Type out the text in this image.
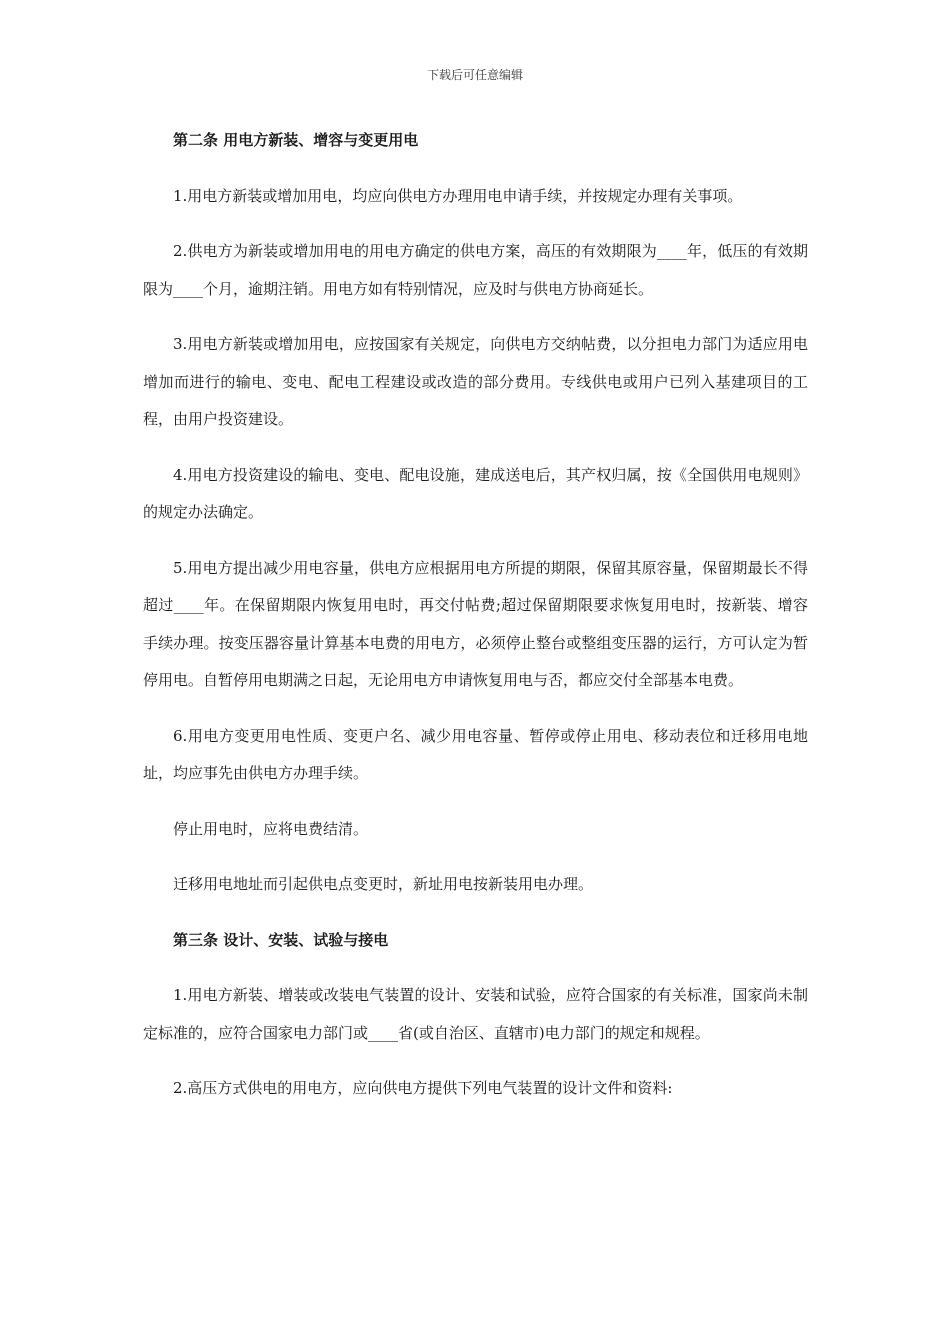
下载后可任意编辑

第二条 用电方新装、增容与变更用电

1.用电方新装或增加用电，均应向供电方办理用电申请手续，并按规定办理有关事项。

2.供电方为新装或增加用电的用电方确定的供电方案，高压的有效期限为____年，低压的有效期限为____个月，逾期注销。用电方如有特别情况，应及时与供电方协商延长。

3.用电方新装或增加用电，应按国家有关规定，向供电方交纳帖费，以分担电力部门为适应用电增加而进行的输电、变电、配电工程建设或改造的部分费用。专线供电或用户已列入基建项目的工程，由用户投资建设。

4.用电方投资建设的输电、变电、配电设施，建成送电后，其产权归属，按《全国供用电规则》的规定办法确定。

5.用电方提出减少用电容量，供电方应根据用电方所提的期限，保留其原容量，保留期最长不得超过____年。在保留期限内恢复用电时，再交付帖费;超过保留期限要求恢复用电时，按新装、增容手续办理。按变压器容量计算基本电费的用电方，必须停止整台或整组变压器的运行，方可认定为暂停用电。自暂停用电期满之日起，无论用电方申请恢复用电与否，都应交付全部基本电费。

6.用电方变更用电性质、变更户名、减少用电容量、暂停或停止用电、移动表位和迁移用电地址，均应事先由供电方办理手续。

停止用电时，应将电费结清。

迁移用电地址而引起供电点变更时，新址用电按新装用电办理。

第三条 设计、安装、试验与接电

1.用电方新装、增装或改装电气装置的设计、安装和试验，应符合国家的有关标准，国家尚未制定标准的，应符合国家电力部门或____省(或自治区、直辖市)电力部门的规定和规程。

2.高压方式供电的用电方，应向供电方提供下列电气装置的设计文件和资料:
